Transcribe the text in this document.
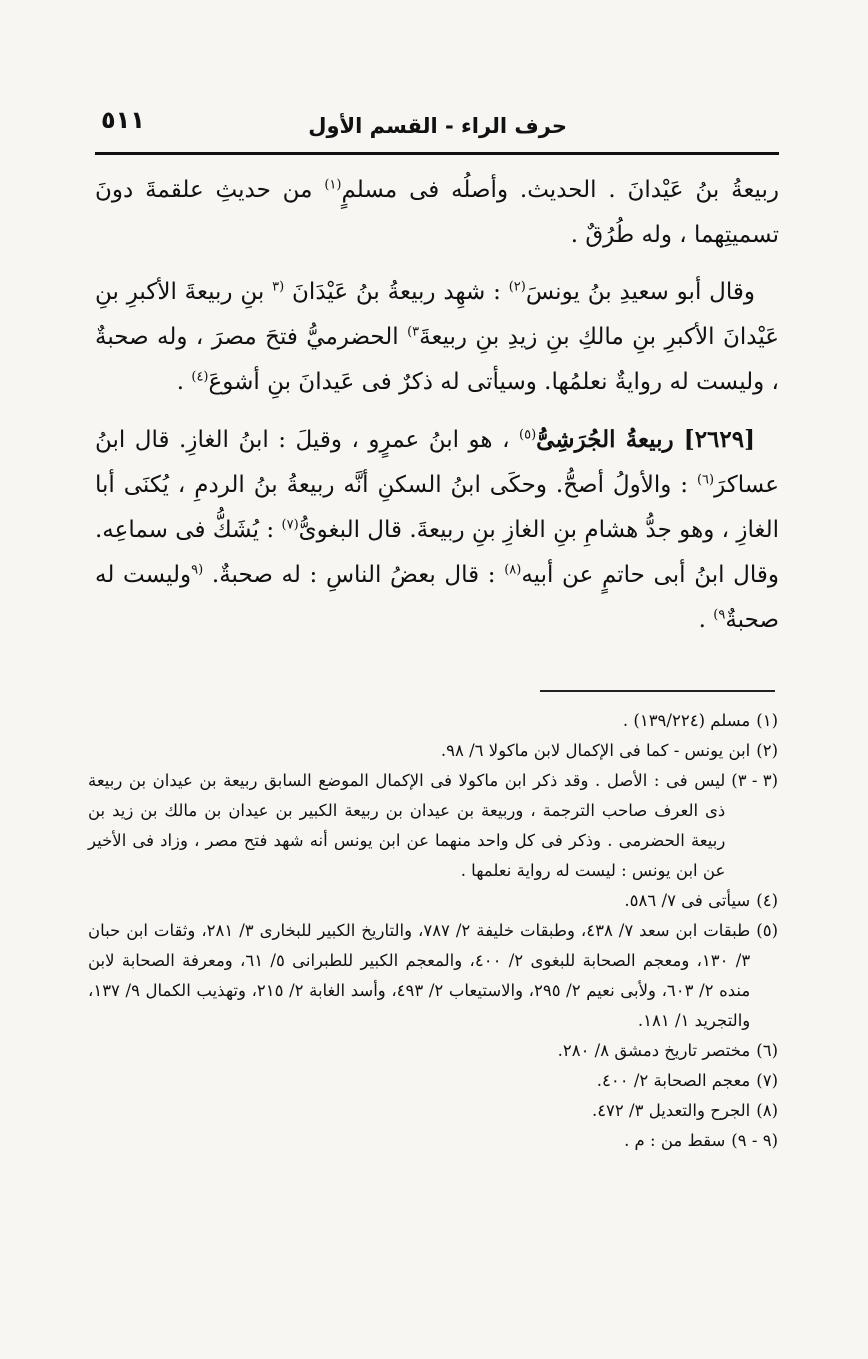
حرف الراء - القسم الأول
٥١١

ربيعةُ بنُ عَيْدانَ . الحديث. وأصلُه فى مسلمٍ$^{(١)}$ من حديثِ علقمةَ دونَ تسميتِهما ، وله طُرُقٌ .

وقال أبو سعيدِ بنُ يونسَ$^{(٢)}$ : شهِد ربيعةُ بنُ عَيْدَانَ $^{(٣}$ بنِ ربيعةَ الأكبرِ بنِ عَيْدانَ الأكبرِ بنِ مالكِ بنِ زيدِ بنِ ربيعةَ$^{٣)}$ الحضرميُّ فتحَ مصرَ ، وله صحبةٌ ، وليست له روايةٌ نعلمُها. وسيأتى له ذكرٌ فى عَيدانَ بنِ أشوعَ$^{(٤)}$ .

[٢٦٢٩] ربيعةُ الجُرَشِىُّ$^{(٥)}$ ، هو ابنُ عمرٍو ، وقيلَ : ابنُ الغازِ. قال ابنُ عساكرَ$^{(٦)}$ : والأولُ أصحُّ. وحكَى ابنُ السكنِ أنَّه ربيعةُ بنُ الردمِ ، يُكنَى أبا الغازِ ، وهو جدُّ هشامِ بنِ الغازِ بنِ ربيعةَ. قال البغوىُّ$^{(٧)}$ : يُشَكُّ فى سماعِه. وقال ابنُ أبى حاتمٍ عن أبيه$^{(٨)}$ : قال بعضُ الناسِ : له صحبةٌ. $^{(٩}$وليست له صحبةٌ$^{٩)}$ .

(١)
مسلم (١٣٩/٢٢٤) .
(٢)
ابن يونس - كما فى الإكمال لابن ماكولا ٦/ ٩٨.
(٣ - ٣)
ليس فى : الأصل . وقد ذكر ابن ماكولا فى الإكمال الموضع السابق ربيعة بن عيدان بن ربيعة ذى العرف صاحب الترجمة ، وربيعة بن عيدان بن ربيعة الكبير بن عيدان بن مالك بن زيد بن ربيعة الحضرمى . وذكر فى كل واحد منهما عن ابن يونس أنه شهد فتح مصر ، وزاد فى الأخير عن ابن يونس : ليست له رواية نعلمها .
(٤)
سيأتى فى ٧/ ٥٨٦.
(٥)
طبقات ابن سعد ٧/ ٤٣٨، وطبقات خليفة ٢/ ٧٨٧، والتاريخ الكبير للبخارى ٣/ ٢٨١، وثقات ابن حبان ٣/ ١٣٠، ومعجم الصحابة للبغوى ٢/ ٤٠٠، والمعجم الكبير للطبرانى ٥/ ٦١، ومعرفة الصحابة لابن منده ٢/ ٦٠٣، ولأبى نعيم ٢/ ٢٩٥، والاستيعاب ٢/ ٤٩٣، وأسد الغابة ٢/ ٢١٥، وتهذيب الكمال ٩/ ١٣٧، والتجريد ١/ ١٨١.
(٦)
مختصر تاريخ دمشق ٨/ ٢٨٠.
(٧)
معجم الصحابة ٢/ ٤٠٠.
(٨)
الجرح والتعديل ٣/ ٤٧٢.
(٩ - ٩)
سقط من : م .
